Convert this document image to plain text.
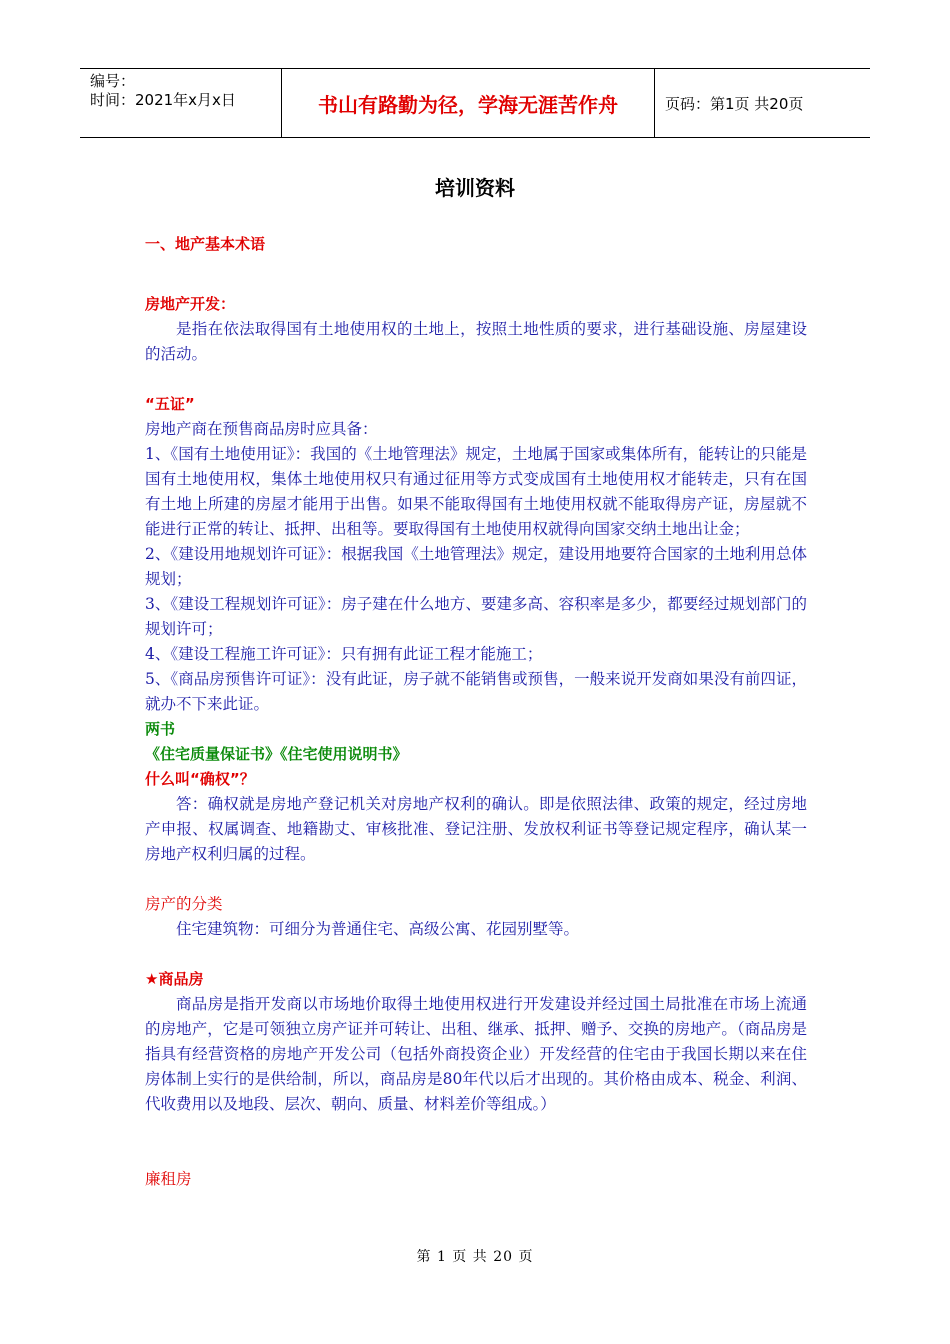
编号：
时间：2021年x月x日	书山有路勤为径，学海无涯苦作舟	页码：第1页 共20页
培训资料

一、地产基本术语

房地产开发：

是指在依法取得国有土地使用权的土地上，按照土地性质的要求，进行基础设施、房屋建设的活动。

“五证”

房地产商在预售商品房时应具备：

1、《国有土地使用证》：我国的《土地管理法》规定，土地属于国家或集体所有，能转让的只能是国有土地使用权，集体土地使用权只有通过征用等方式变成国有土地使用权才能转走，只有在国有土地上所建的房屋才能用于出售。如果不能取得国有土地使用权就不能取得房产证，房屋就不能进行正常的转让、抵押、出租等。要取得国有土地使用权就得向国家交纳土地出让金；

2、《建设用地规划许可证》：根据我国《土地管理法》规定，建设用地要符合国家的土地利用总体规划；

3、《建设工程规划许可证》：房子建在什么地方、要建多高、容积率是多少，都要经过规划部门的规划许可；

4、《建设工程施工许可证》：只有拥有此证工程才能施工；

5、《商品房预售许可证》：没有此证，房子就不能销售或预售，一般来说开发商如果没有前四证，就办不下来此证。

两书

《住宅质量保证书》《住宅使用说明书》

什么叫“确权”？

答：确权就是房地产登记机关对房地产权利的确认。即是依照法律、政策的规定，经过房地产申报、权属调查、地籍勘丈、审核批准、登记注册、发放权利证书等登记规定程序，确认某一房地产权利归属的过程。

房产的分类

住宅建筑物：可细分为普通住宅、高级公寓、花园别墅等。

★商品房

商品房是指开发商以市场地价取得土地使用权进行开发建设并经过国土局批准在市场上流通的房地产，它是可领独立房产证并可转让、出租、继承、抵押、赠予、交换的房地产。（商品房是指具有经营资格的房地产开发公司（包括外商投资企业）开发经营的住宅由于我国长期以来在住房体制上实行的是供给制，所以，商品房是80年代以后才出现的。其价格由成本、税金、利润、代收费用以及地段、层次、朝向、质量、材料差价等组成。）

廉租房

第 1 页 共 20 页
